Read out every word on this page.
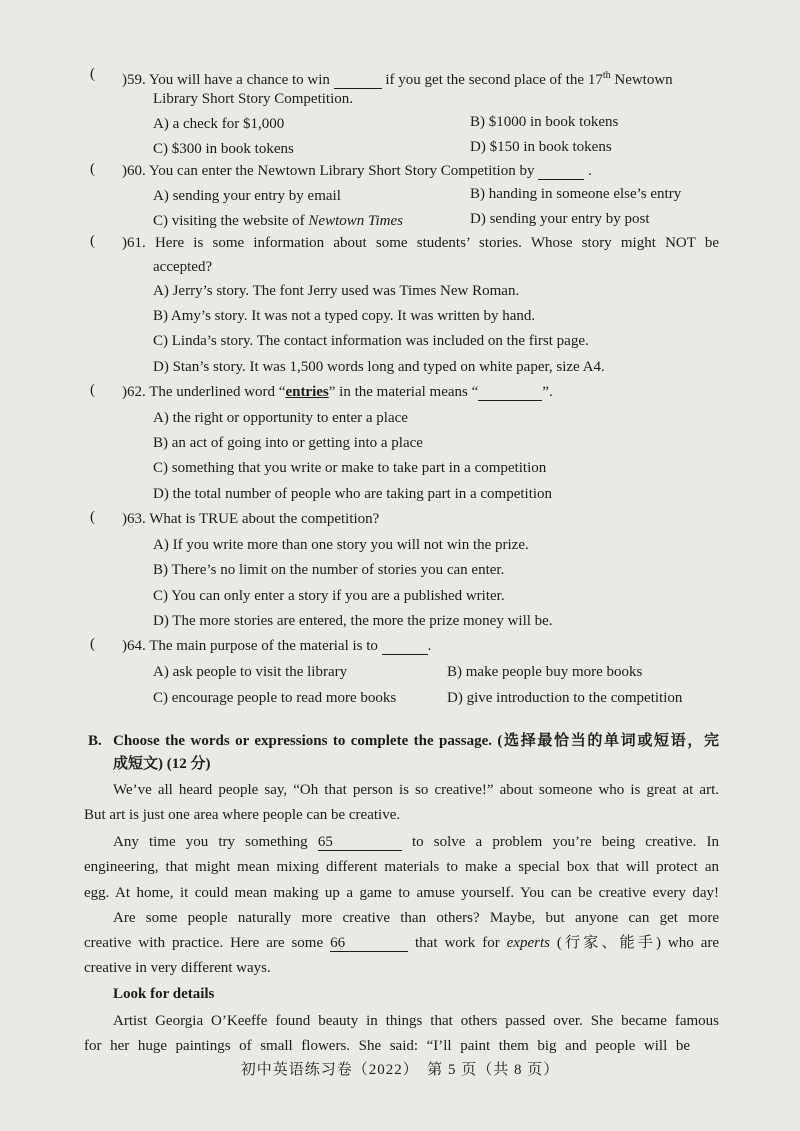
( )59. You will have a chance to win	if you get the second place of the 17th Newtown
Library Short Story Competition.
A) a check for $1,000	B) $1000 in book tokens
C) $300 in book tokens	D) $150 in book tokens
( )60. You can enter the Newtown Library Short Story Competition by	.
A) sending your entry by email	B) handing in someone else’s entry
C) visiting the website of Newtown Times	D) sending your entry by post
( )61. Here is some information about some students’ stories. Whose story might NOT be
accepted?
A) Jerry’s story. The font Jerry used was Times New Roman.
B) Amy’s story. It was not a typed copy. It was written by hand.
C) Linda’s story. The contact information was included on the first page.
D) Stan’s story. It was 1,500 words long and typed on white paper, size A4.
( )62. The underlined word “entries” in the material means “	”.
A) the right or opportunity to enter a place
B) an act of going into or getting into a place
C) something that you write or make to take part in a competition
D) the total number of people who are taking part in a competition
( )63. What is TRUE about the competition?
A) If you write more than one story you will not win the prize.
B) There’s no limit on the number of stories you can enter.
C) You can only enter a story if you are a published writer.
D) The more stories are entered, the more the prize money will be.
( )64. The main purpose of the material is to	.
A) ask people to visit the library	B) make people buy more books
C) encourage people to read more books	D) give introduction to the competition
B. Choose the words or expressions to complete the passage. (选择最恰当的单词或短语，完
成短文) (12 分)
We’ve all heard people say, “Oh that person is so creative!” about someone who is great at art.
But art is just one area where people can be creative.
Any time you try something 65	to solve a problem you’re being creative. In
engineering, that might mean mixing different materials to make a special box that will protect an
egg. At home, it could mean making up a game to amuse yourself. You can be creative every day!
Are some people naturally more creative than others? Maybe, but anyone can get more
creative with practice. Here are some 66	that work for experts (行家、能手) who are
creative in very different ways.
Look for details
Artist Georgia O’Keeffe found beauty in things that others passed over. She became famous
for her huge paintings of small flowers. She said: “I’ll paint them big and people will be
初中英语练习卷（2022）　第 5 页（共 8 页）
